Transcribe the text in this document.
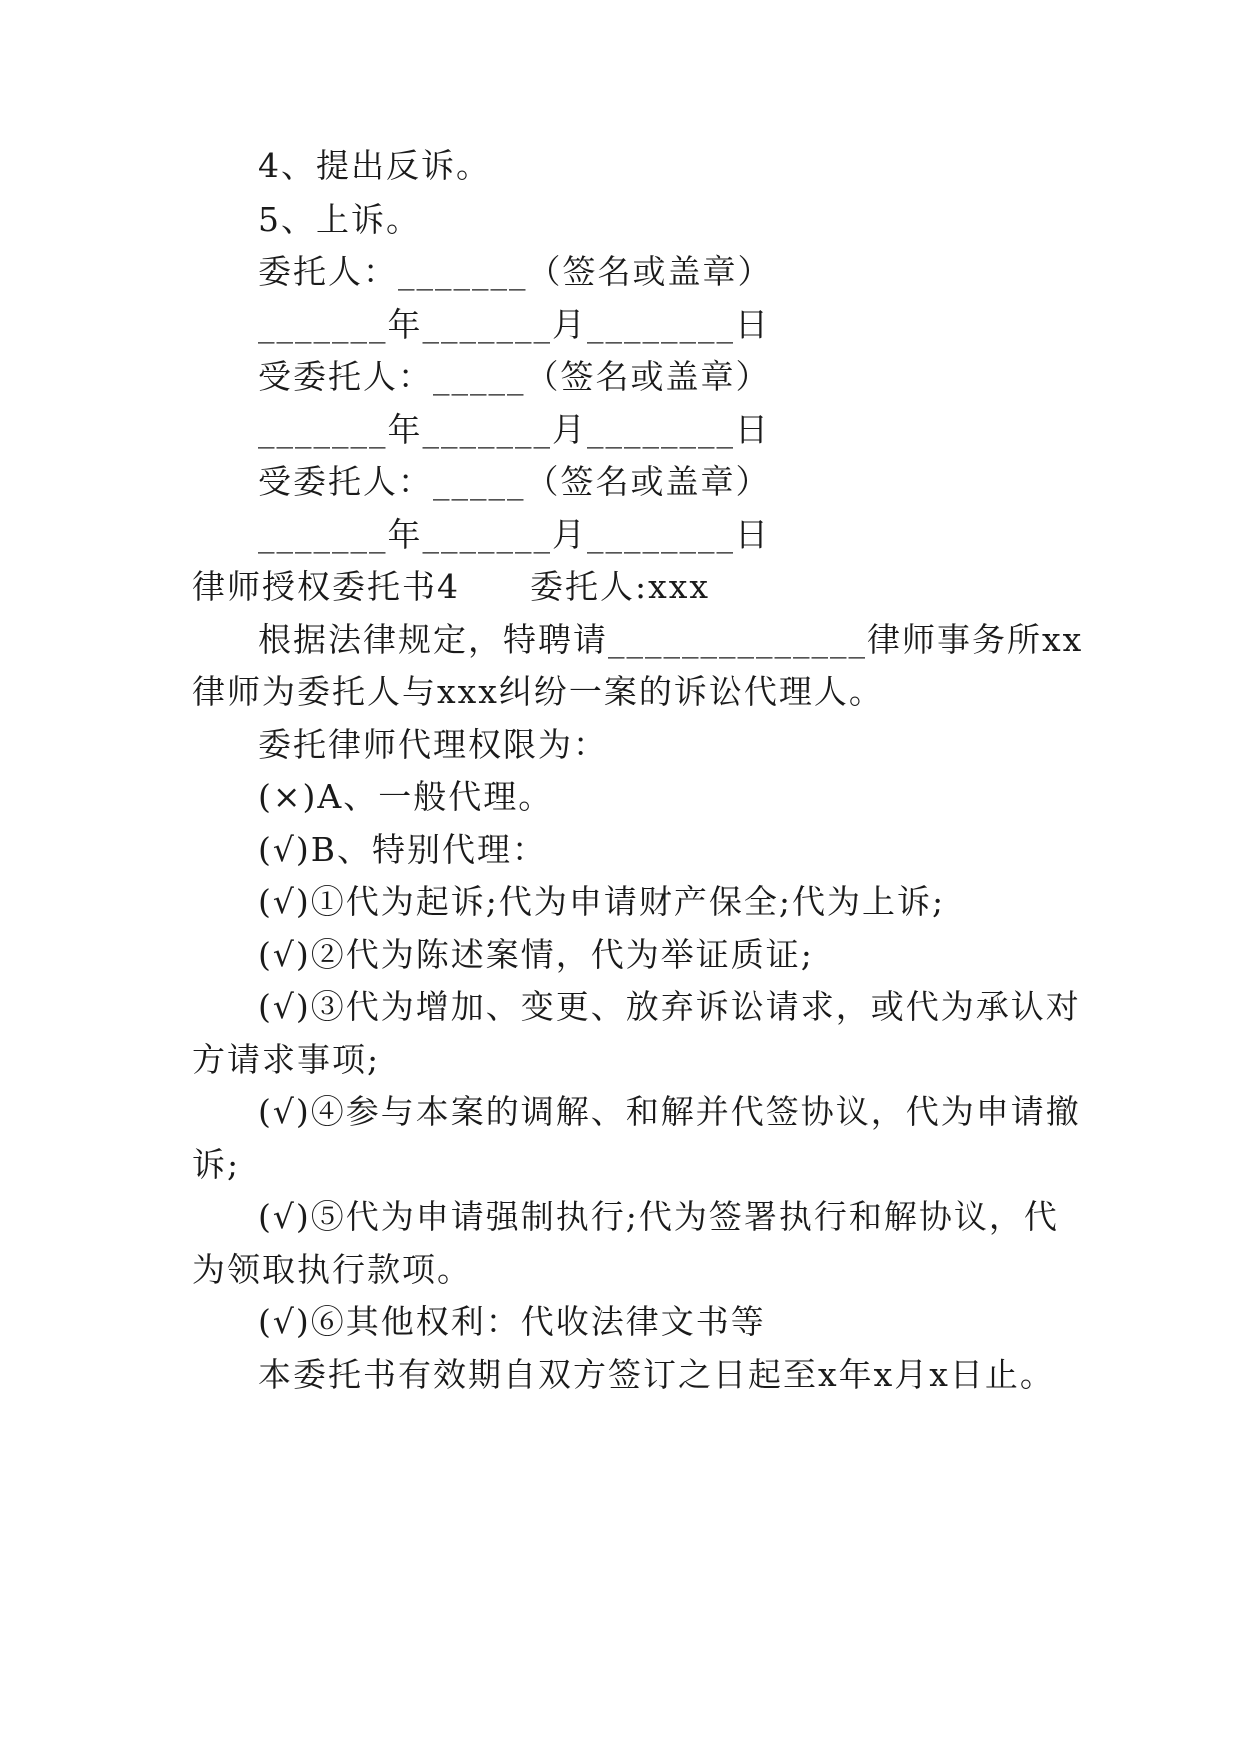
4、提出反诉。
5、上诉。
委托人：_______（签名或盖章）
_______年_______月________日
受委托人：_____（签名或盖章）
_______年_______月________日
受委托人：_____（签名或盖章）
_______年_______月________日
律师授权委托书4　　委托人:xxx
根据法律规定，特聘请______________律师事务所xx
律师为委托人与xxx纠纷一案的诉讼代理人。
委托律师代理权限为：
(×)A、一般代理。
(√)B、特别代理：
(√)①代为起诉;代为申请财产保全;代为上诉;
(√)②代为陈述案情，代为举证质证;
(√)③代为增加、变更、放弃诉讼请求，或代为承认对
方请求事项;
(√)④参与本案的调解、和解并代签协议，代为申请撤
诉;
(√)⑤代为申请强制执行;代为签署执行和解协议，代
为领取执行款项。
(√)⑥其他权利：代收法律文书等
本委托书有效期自双方签订之日起至x年x月x日止。
